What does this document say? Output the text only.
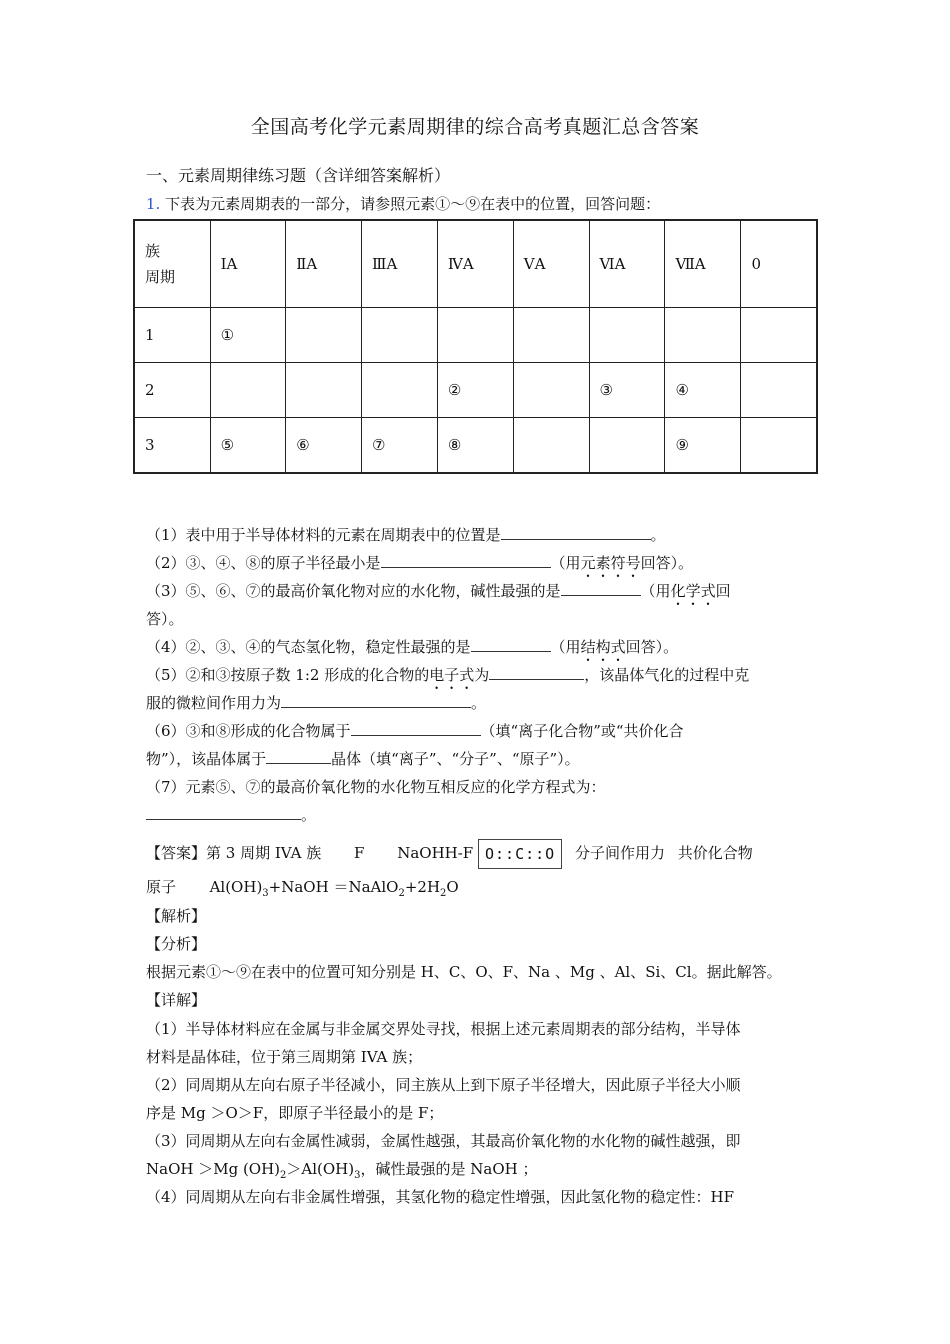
全国高考化学元素周期律的综合高考真题汇总含答案
一、元素周期律练习题（含详细答案解析）
1. 下表为元素周期表的一部分，请参照元素①～⑨在表中的位置，回答问题：
族
周期	ⅠA	ⅡA	ⅢA	ⅣA	ⅤA	ⅥA	ⅦA	0
1	①							
2				②		③	④	
3	⑤	⑥	⑦	⑧			⑨	
（1）表中用于半导体材料的元素在周期表中的位置是	。
（2）③、④、⑧的原子半径最小是	（用元素符号回答）。
（3）⑤、⑥、⑦的最高价氧化物对应的水化物，碱性最强的是	（用化学式回
答）。
（4）②、③、④的气态氢化物，稳定性最强的是	（用结构式回答）。
（5）②和③按原子数 1:2 形成的化合物的电子式为	，该晶体气化的过程中克
服的微粒间作用力为	。
（6）③和⑧形成的化合物属于	（填“离子化合物”或“共价化合
物”），该晶体属于	晶体（填“离子”、“分子”、“原子”）。
（7）元素⑤、⑦的最高价氧化物的水化物互相反应的化学方程式为：
。
【答案】第 3 周期 IVA 族 F NaOHH-F O::C::O 分子间作用力 共价化合物
原子 $Al(OH)_3+NaOH$ $=NaAlO_2+2H_2O$
【解析】
【分析】
根据元素①～⑨在表中的位置可知分别是 H、C、O、F、Na 、Mg 、Al、Si、Cl。据此解答。
【详解】
（1）半导体材料应在金属与非金属交界处寻找，根据上述元素周期表的部分结构，半导体
材料是晶体硅，位于第三周期第 IVA 族；
（2）同周期从左向右原子半径减小，同主族从上到下原子半径增大，因此原子半径大小顺
序是 Mg ＞O＞F，即原子半径最小的是 F；
（3）同周期从左向右金属性减弱，金属性越强，其最高价氧化物的水化物的碱性越强，即
NaOH ＞Mg $(OH)_2>Al(OH)_3$，碱性最强的是 NaOH ；
（4）同周期从左向右非金属性增强，其氢化物的稳定性增强，因此氢化物的稳定性：HF
